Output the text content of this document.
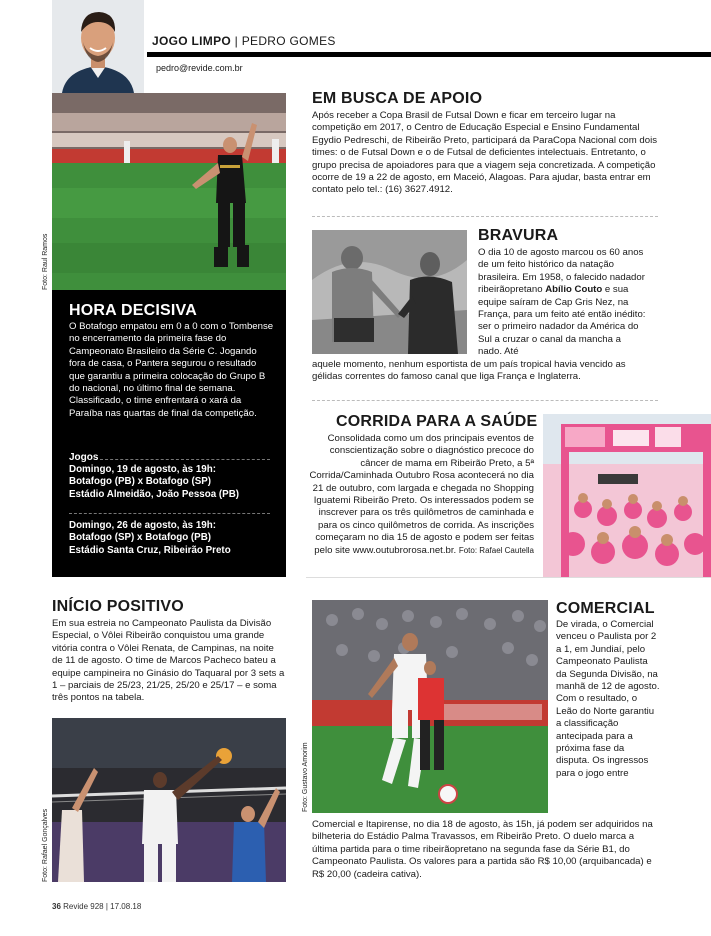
JOGO LIMPO | PEDRO GOMES
pedro@revide.com.br
Foto: Raul Ramos
HORA DECISIVA

O Botafogo empatou em 0 a 0 com o Tombense no encerramento da primeira fase do Campeonato Brasileiro da Série C. Jogando fora de casa, o Pantera segurou o resultado que garantiu a primeira colocação do Grupo B do nacional, no último final de semana. Classificado, o time enfrentará o xará da Paraíba nas quartas de final da competição.

Jogos
Domingo, 19 de agosto, às 19h:
Botafogo (PB) x Botafogo (SP)
Estádio Almeidão, João Pessoa (PB)
Domingo, 26 de agosto, às 19h:
Botafogo (SP) x Botafogo (PB)
Estádio Santa Cruz, Ribeirão Preto
EM BUSCA DE APOIO

Após receber a Copa Brasil de Futsal Down e ficar em terceiro lugar na competição em 2017, o Centro de Educação Especial e Ensino Fundamental Egydio Pedreschi, de Ribeirão Preto, participará da ParaCopa Nacional com dois times: o de Futsal Down e o de Futsal de deficientes intelectuais. Entretanto, o grupo precisa de apoiadores para que a viagem seja concretizada. A competição ocorre de 19 a 22 de agosto, em Maceió, Alagoas. Para ajudar, basta entrar em contato pelo tel.: (16) 3627.4912.

BRAVURA

O dia 10 de agosto marcou os 60 anos de um feito histórico da natação brasileira. Em 1958, o falecido nadador ribeirãopretano Abílio Couto e sua equipe saíram de Cap Gris Nez, na França, para um feito até então inédito: ser o primeiro nadador da América do Sul a cruzar o canal da mancha a nado. Até

aquele momento, nenhum esportista de um país tropical havia vencido as gélidas correntes do famoso canal que liga França e Inglaterra.

CORRIDA PARA A SAÚDE

Consolidada como um dos principais eventos de conscientização sobre o diagnóstico precoce do câncer de mama em Ribeirão Preto, a 5ª Corrida/Caminhada Outubro Rosa acontecerá no dia 21 de outubro, com largada e chegada no Shopping Iguatemi Ribeirão Preto. Os interessados podem se inscrever para os três quilômetros de caminhada e para os cinco quilômetros de corrida. As inscrições começaram no dia 15 de agosto e podem ser feitas pelo site www.outubrorosa.net.br. Foto: Rafael Cautella

INÍCIO POSITIVO

Em sua estreia no Campeonato Paulista da Divisão Especial, o Vôlei Ribeirão conquistou uma grande vitória contra o Vôlei Renata, de Campinas, na noite de 11 de agosto. O time de Marcos Pacheco bateu a equipe campineira no Ginásio do Taquaral por 3 sets a 1 – parciais de 25/23, 21/25, 25/20 e 25/17 – e soma três pontos na tabela.

Foto: Rafael Gonçalves
Foto: Gustavo Amorim
COMERCIAL

De virada, o Comercial venceu o Paulista por 2 a 1, em Jundiaí, pelo Campeonato Paulista da Segunda Divisão, na manhã de 12 de agosto. Com o resultado, o Leão do Norte garantiu a classificação antecipada para a próxima fase da disputa. Os ingressos para o jogo entre

Comercial e Itapirense, no dia 18 de agosto, às 15h, já podem ser adquiridos na bilheteria do Estádio Palma Travassos, em Ribeirão Preto. O duelo marca a última partida para o time ribeirãopretano na segunda fase da Série B1, do Campeonato Paulista. Os valores para a partida são R$ 10,00 (arquibancada) e R$ 20,00 (cadeira cativa).

36 Revide 928 | 17.08.18
